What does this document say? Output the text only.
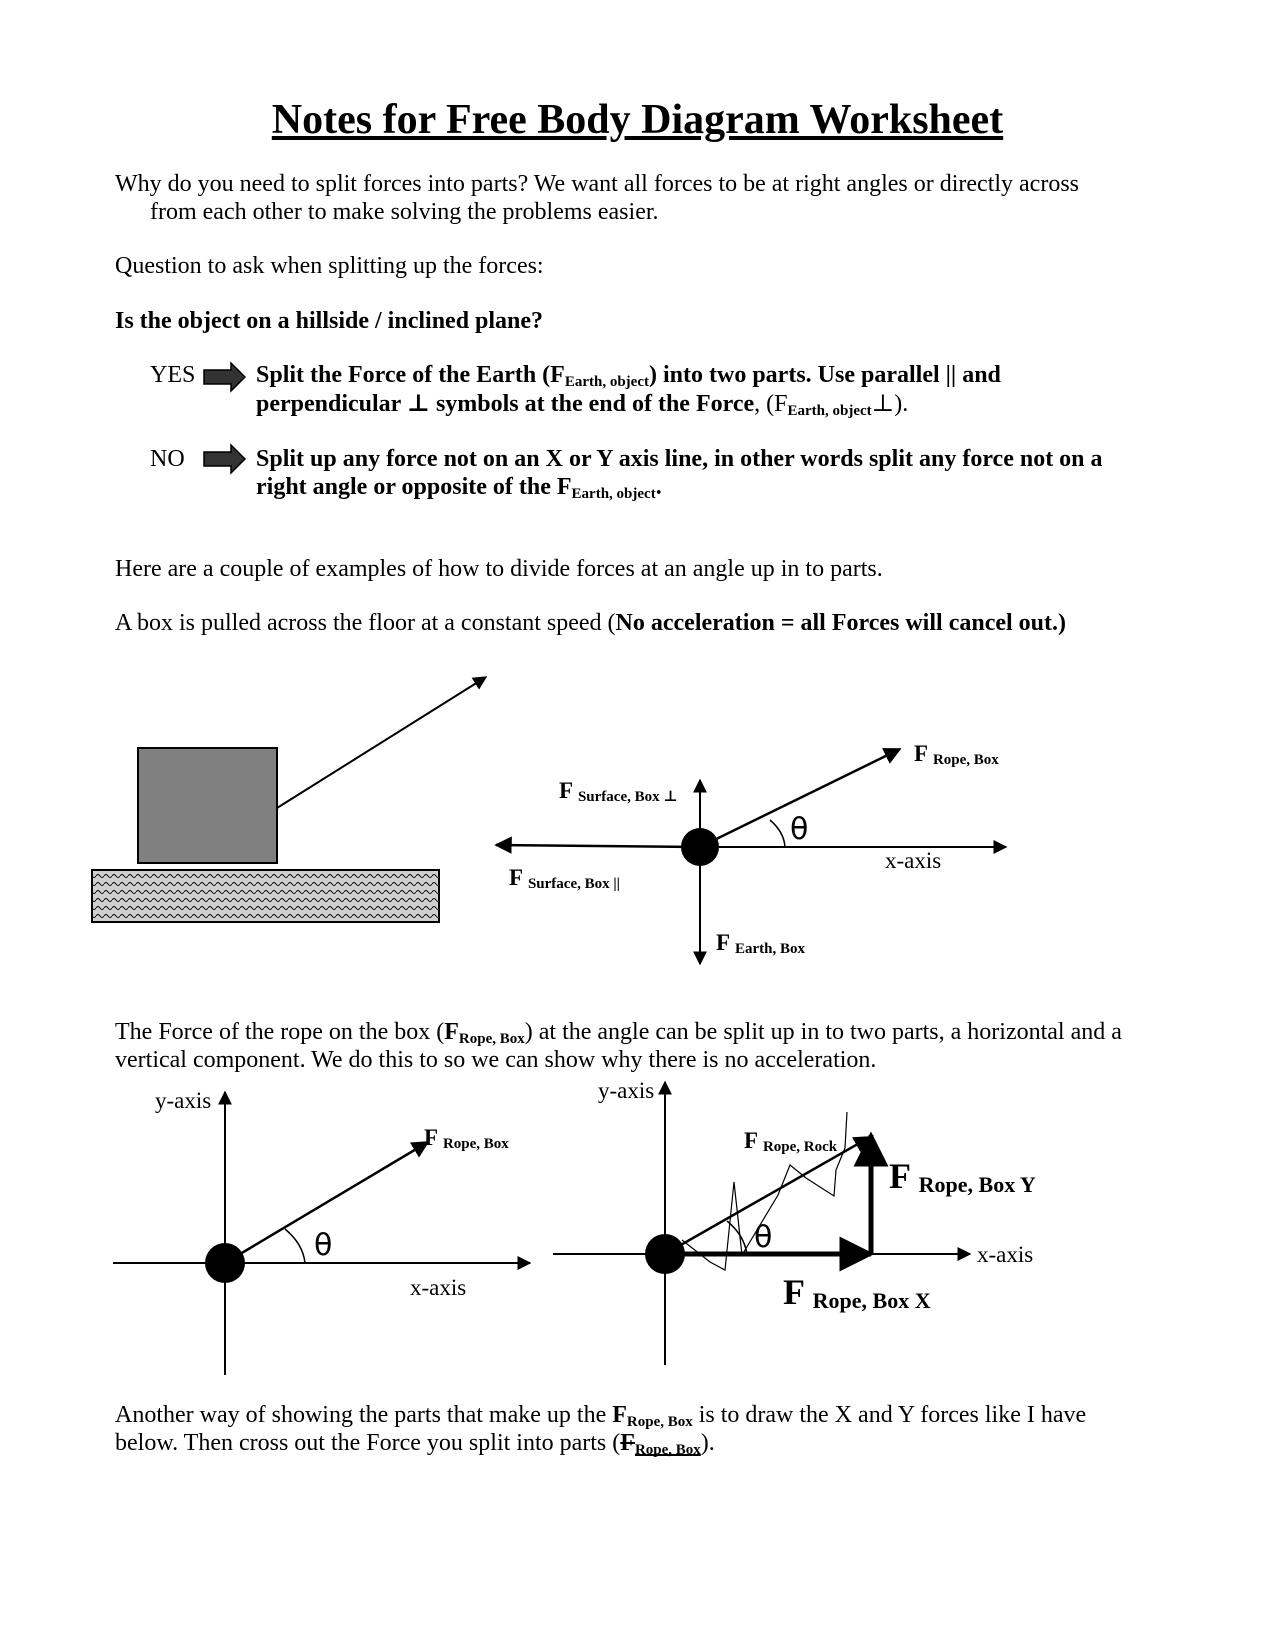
Notes for Free Body Diagram Worksheet
Why do you need to split forces into parts? We want all forces to be at right angles or directly across
from each other to make solving the problems easier.
Question to ask when splitting up the forces:
Is the object on a hillside / inclined plane?
YES	Split the Force of the Earth $(F_{Earth, object})$ into two parts. Use parallel || and
perpendicular ⊥ symbols at the end of the Force, $(F_{Earth, object}\perp)$.
NO	Split up any force not on an X or Y axis line, in other words split any force not on a
right angle or opposite of the $F_{Earth, object}$.
Here are a couple of examples of how to divide forces at an angle up in to parts.
A box is pulled across the floor at a constant speed (No acceleration = all Forces will cancel out.)
F $_{Rope, Box}$
F $_{Surface, Box \perp}$
F $_{Surface, Box ||}$
F $_{Earth, Box}$
θ
x-axis
The Force of the rope on the box $(F_{Rope, Box})$ at the angle can be split up in to two parts, a horizontal and a
vertical component. We do this to so we can show why there is no acceleration.
y-axis
x-axis
F $_{Rope, Box}$
θ
y-axis
x-axis
F $_{Rope, Rock}$
F Rope, Box Y
F Rope, Box X
θ
Another way of showing the parts that make up the $F_{Rope, Box}$ is to draw the X and Y forces like I have
below. Then cross out the Force you split into parts $(F_{Rope, Box})$.
